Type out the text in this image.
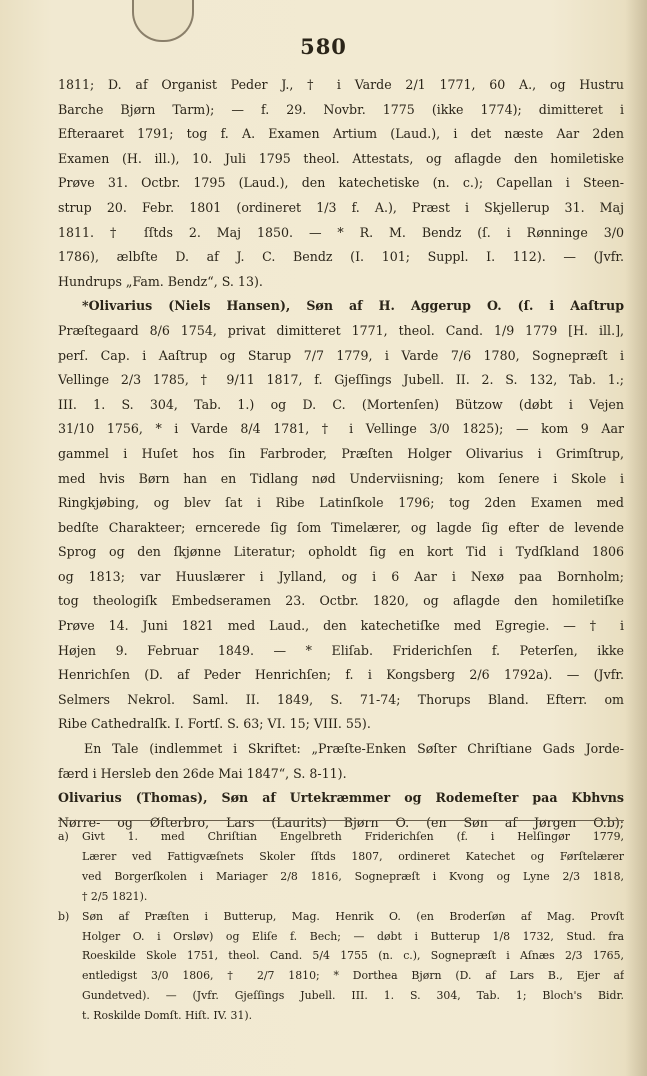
580
1811; D. af Organist Peder J., † i Varde 2/1 1771, 60 A., og Hustru
Barche Bjørn Tarm); — f. 29. Novbr. 1775 (ikke 1774); dimitteret i
Efteraaret 1791; tog f. A. Examen Artium (Laud.), i det næste Aar 2den
Examen (H. ill.), 10. Juli 1795 theol. Attestats, og aflagde den homiletiske
Prøve 31. Octbr. 1795 (Laud.), den katechetiske (n. c.); Capellan i Steen-
strup 20. Febr. 1801 (ordineret 1/3 f. A.), Præst i Skjellerup 31. Maj
1811. † ſſtds 2. Maj 1850. — * R. M. Bendz (ſ. i Rønninge 3/0
1786), ælbſte D. af J. C. Bendz (I. 101; Suppl. I. 112). — (Jvfr.
Hundrups „Fam. Bendz“, S. 13).
*Olivarius (Niels Hansen), Søn af H. Aggerup O. (ſ. i Aaſtrup
Præſtegaard 8/6 1754, privat dimitteret 1771, theol. Cand. 1/9 1779 [H. ill.],
perſ. Cap. i Aaſtrup og Starup 7/7 1779, i Varde 7/6 1780, Sognepræſt i
Vellinge 2/3 1785, † 9/11 1817, f. Gjeſſings Jubell. II. 2. S. 132, Tab. 1.;
III. 1. S. 304, Tab. 1.) og D. C. (Mortenſen) Bützow (døbt i Vejen
31/10 1756, * i Varde 8/4 1781, † i Vellinge 3/0 1825); — kom 9 Aar
gammel i Huſet hos ſin Farbroder, Præſten Holger Olivarius i Grimſtrup,
med hvis Børn han en Tidlang nød Underviisning; kom ſenere i Skole i
Ringkjøbing, og blev ſat i Ribe Latinſkole 1796; tog 2den Examen med
bedſte Charakteer; erncerede ſig ſom Timelærer, og lagde ſig efter de levende
Sprog og den ſkjønne Literatur; opholdt ſig en kort Tid i Tydſkland 1806
og 1813; var Huuslærer i Jylland, og i 6 Aar i Nexø paa Bornholm;
tog theologiſk Embedseramen 23. Octbr. 1820, og aflagde den homiletiſke
Prøve 14. Juni 1821 med Laud., den katechetiſke med Egregie. — † i
Højen 9. Februar 1849. — * Eliſab. Friderichſen f. Peterſen, ikke
Henrichſen (D. af Peder Henrichſen; f. i Kongsberg 2/6 1792a). — (Jvfr.
Selmers Nekrol. Saml. II. 1849, S. 71-74; Thorups Bland. Efterr. om
Ribe Cathedralſk. I. Fortſ. S. 63; VI. 15; VIII. 55).
En Tale (indlemmet i Skriftet: „Præſte-Enken Søſter Chriſtiane Gads Jorde-
færd i Hersleb den 26de Mai 1847“, S. 8-11).
Olivarius (Thomas), Søn af Urtekræmmer og Rodemeſter paa Kbhvns
Nørre- og Øſterbro, Lars (Laurits) Bjørn O. (en Søn af Jørgen O.b);
a) Givt 1. med Chriſtian Engelbreth Friderichſen (f. i Helſingør 1779,
Lærer ved Fattigvæſnets Skoler ſſtds 1807, ordineret Katechet og Førſtelærer
ved Borgerſkolen i Mariager 2/8 1816, Sognepræſt i Kvong og Lyne 2/3 1818,
† 2/5 1821).
b) Søn af Præſten i Butterup, Mag. Henrik O. (en Broderſøn af Mag. Provſt
Holger O. i Orsløv) og Eliſe f. Bech; — døbt i Butterup 1/8 1732, Stud. fra
Roeskilde Skole 1751, theol. Cand. 5/4 1755 (n. c.), Sognepræſt i Aſnæs 2/3 1765,
entledigst 3/0 1806, † 2/7 1810; * Dorthea Bjørn (D. af Lars B., Ejer af
Gundetved). — (Jvfr. Gjeſſings Jubell. III. 1. S. 304, Tab. 1; Bloch's Bidr.
t. Roskilde Domſt. Hiſt. IV. 31).
